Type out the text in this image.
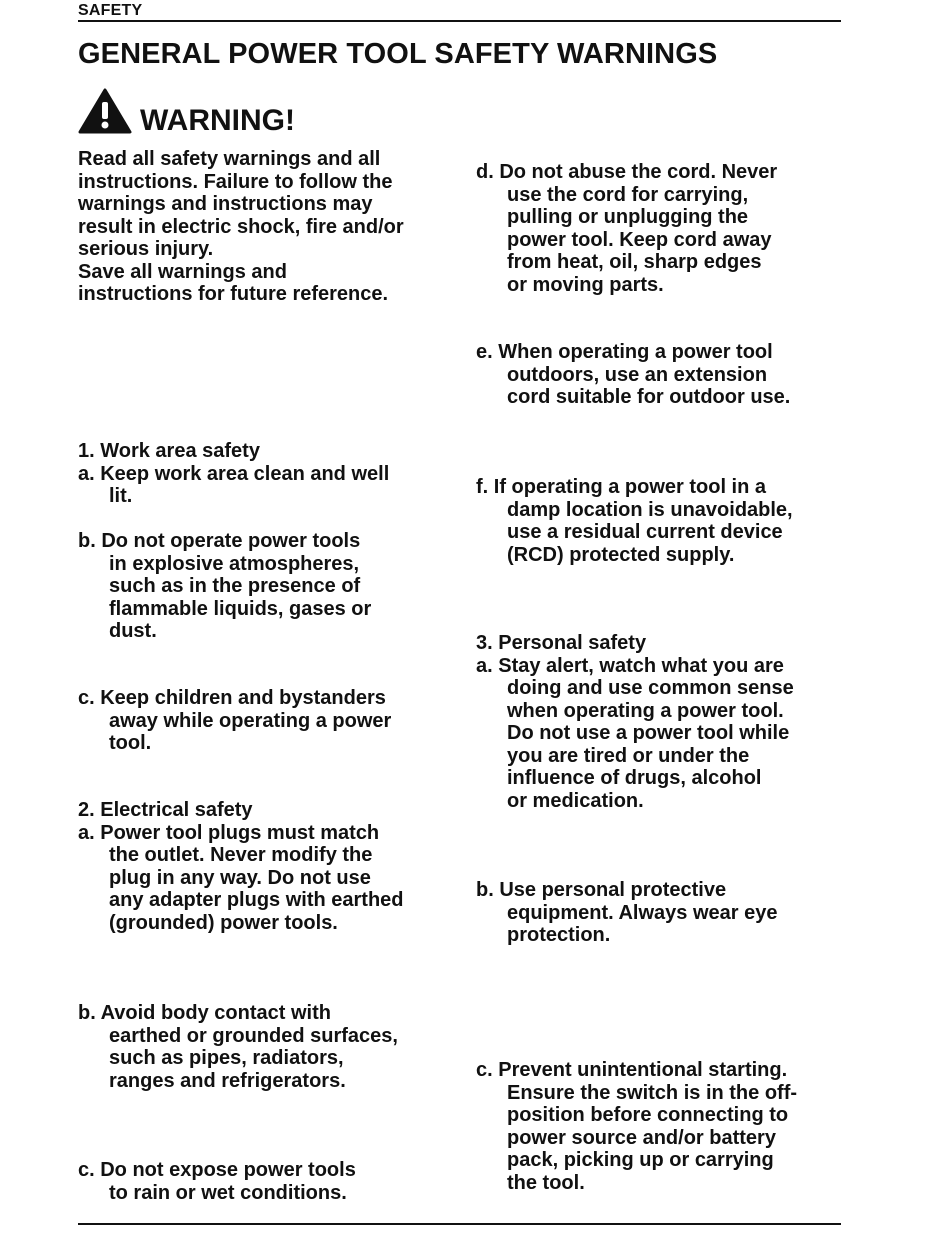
SAFETY
GENERAL POWER TOOL SAFETY WARNINGS
WARNING!
Read all safety warnings and all
instructions. Failure to follow the
warnings and instructions may
result in electric shock, fire and/or
serious injury.
Save all warnings and
instructions for future reference.
1. Work area safety
a. Keep work area clean and well
lit.
b. Do not operate power tools
in explosive atmospheres,
such as in the presence of
flammable liquids, gases or
dust.
c. Keep children and bystanders
away while operating a power
tool.
2. Electrical safety
a. Power tool plugs must match
the outlet. Never modify the
plug in any way. Do not use
any adapter plugs with earthed
(grounded) power tools.
b. Avoid body contact with
earthed or grounded surfaces,
such as pipes, radiators,
ranges and refrigerators.
c. Do not expose power tools
to rain or wet conditions.
d. Do not abuse the cord. Never
use the cord for carrying,
pulling or unplugging the
power tool. Keep cord away
from heat, oil, sharp edges
or moving parts.
e. When operating a power tool
outdoors, use an extension
cord suitable for outdoor use.
f. If operating a power tool in a
damp location is unavoidable,
use a residual current device
(RCD) protected supply.
3. Personal safety
a. Stay alert, watch what you are
doing and use common sense
when operating a power tool.
Do not use a power tool while
you are tired or under the
influence of drugs, alcohol
or medication.
b. Use personal protective
equipment. Always wear eye
protection.
c. Prevent unintentional starting.
Ensure the switch is in the off-
position before connecting to
power source and/or battery
pack, picking up or carrying
the tool.
